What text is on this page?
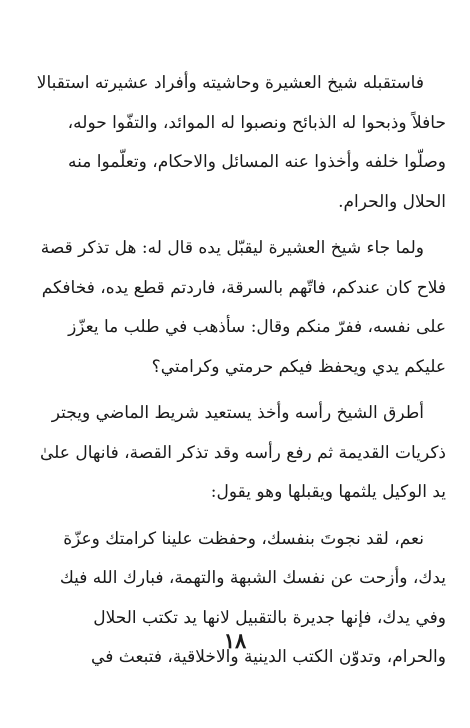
فاستقبله شيخ العشيرة وحاشيته وأفراد عشيرته استقبالا
حافلاً وذبحوا له الذبائح ونصبوا له الموائد، والتفّوا حوله،
وصلّوا خلفه وأخذوا عنه المسائل والاحكام، وتعلّموا منه
الحلال والحرام.

ولما جاء شيخ العشيرة ليقبّل يده قال له: هل تذكر قصة
فلاح كان عندكم، فاتّهم بالسرقة، فاردتم قطع يده، فخافكم
على نفسه، ففرّ منكم وقال: سأذهب في طلب ما يعزّز
عليكم يدي ويحفظ فيكم حرمتي وكرامتي؟

أطرق الشيخ رأسه وأخذ يستعيد شريط الماضي ويجتر
ذكريات القديمة ثم رفع رأسه وقد تذكر القصة، فانهال علىٰ
يد الوكيل يلثمها ويقبلها وهو يقول:

نعم، لقد نجوتَ بنفسك، وحفظت علينا كرامتك وعزّة
يدك، وأزحت عن نفسك الشبهة والتهمة، فبارك الله فيك
وفي يدك، فإنها جديرة بالتقبيل لانها يد تكتب الحلال
والحرام، وتدوّن الكتب الدينية والاخلاقية، فتبعث في

١٨
